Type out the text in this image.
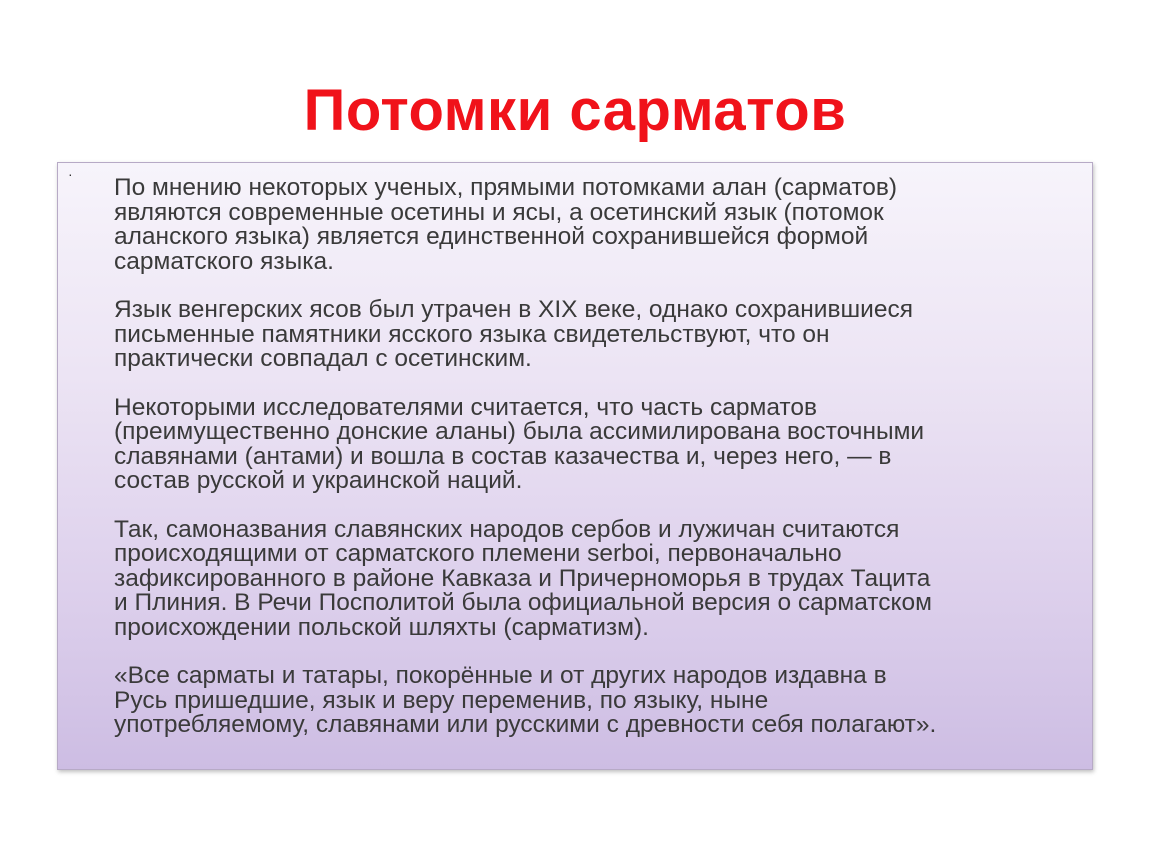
Потомки сарматов
· По мнению некоторых ученых, прямыми потомками алан (сарматов)
являются современные осетины и ясы, а осетинский язык (потомок
аланского языка) является единственной сохранившейся формой
сарматского языка.

Язык венгерских ясов был утрачен в XIX веке, однако сохранившиеся
письменные памятники ясского языка свидетельствуют, что он
практически совпадал с осетинским.

Некоторыми исследователями считается, что часть сарматов
(преимущественно донские аланы) была ассимилирована восточными
славянами (антами) и вошла в состав казачества и, через него, — в
состав русской и украинской наций.

Так, самоназвания славянских народов сербов и лужичан считаются
происходящими от сарматского племени serboi, первоначально
зафиксированного в районе Кавказа и Причерноморья в трудах Тацита
и Плиния. В Речи Посполитой была официальной версия о сарматском
происхождении польской шляхты (сарматизм).

«Все сарматы и татары, покорённые и от других народов издавна в
Русь пришедшие, язык и веру переменив, по языку, ныне
употребляемому, славянами или русскими с древности себя полагают».
